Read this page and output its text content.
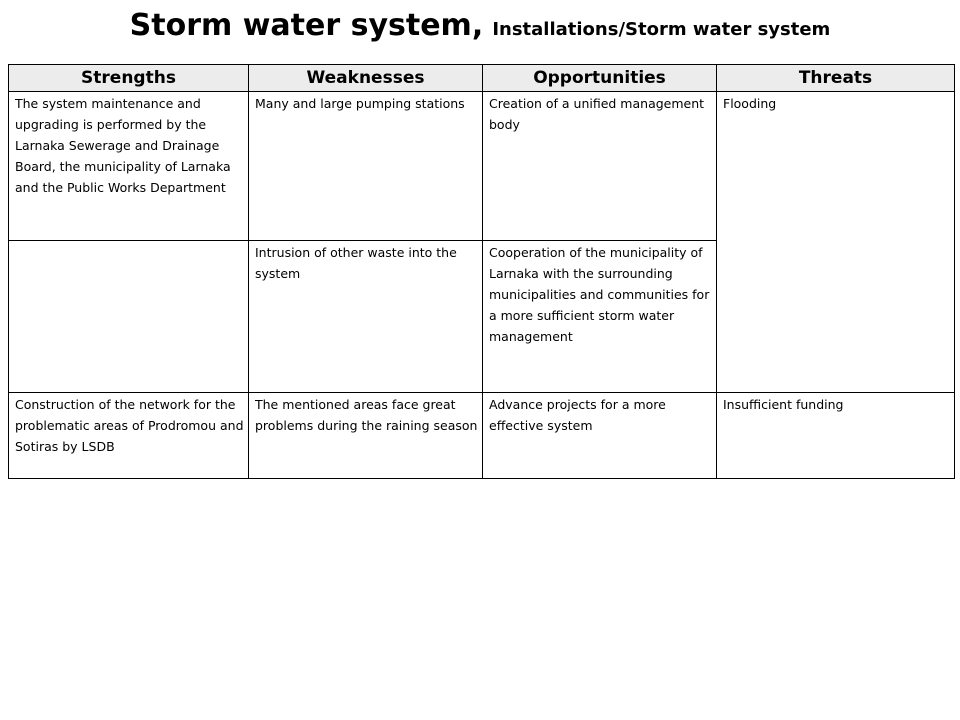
Storm water system, Installations/Storm water system
Strengths	Weaknesses	Opportunities	Threats
The system maintenance and upgrading is performed by the Larnaka Sewerage and Drainage Board, the municipality of Larnaka and the Public Works Department	Many and large pumping stations	Creation of a unified management body	Flooding
	Intrusion of other waste into the system	Cooperation of the municipality of Larnaka with the surrounding municipalities and communities for a more sufficient storm water management	
Construction of the network for the problematic areas of Prodromou and Sotiras by LSDB	The mentioned areas face great problems during the raining season	Advance projects for a more effective system	Insufficient funding
